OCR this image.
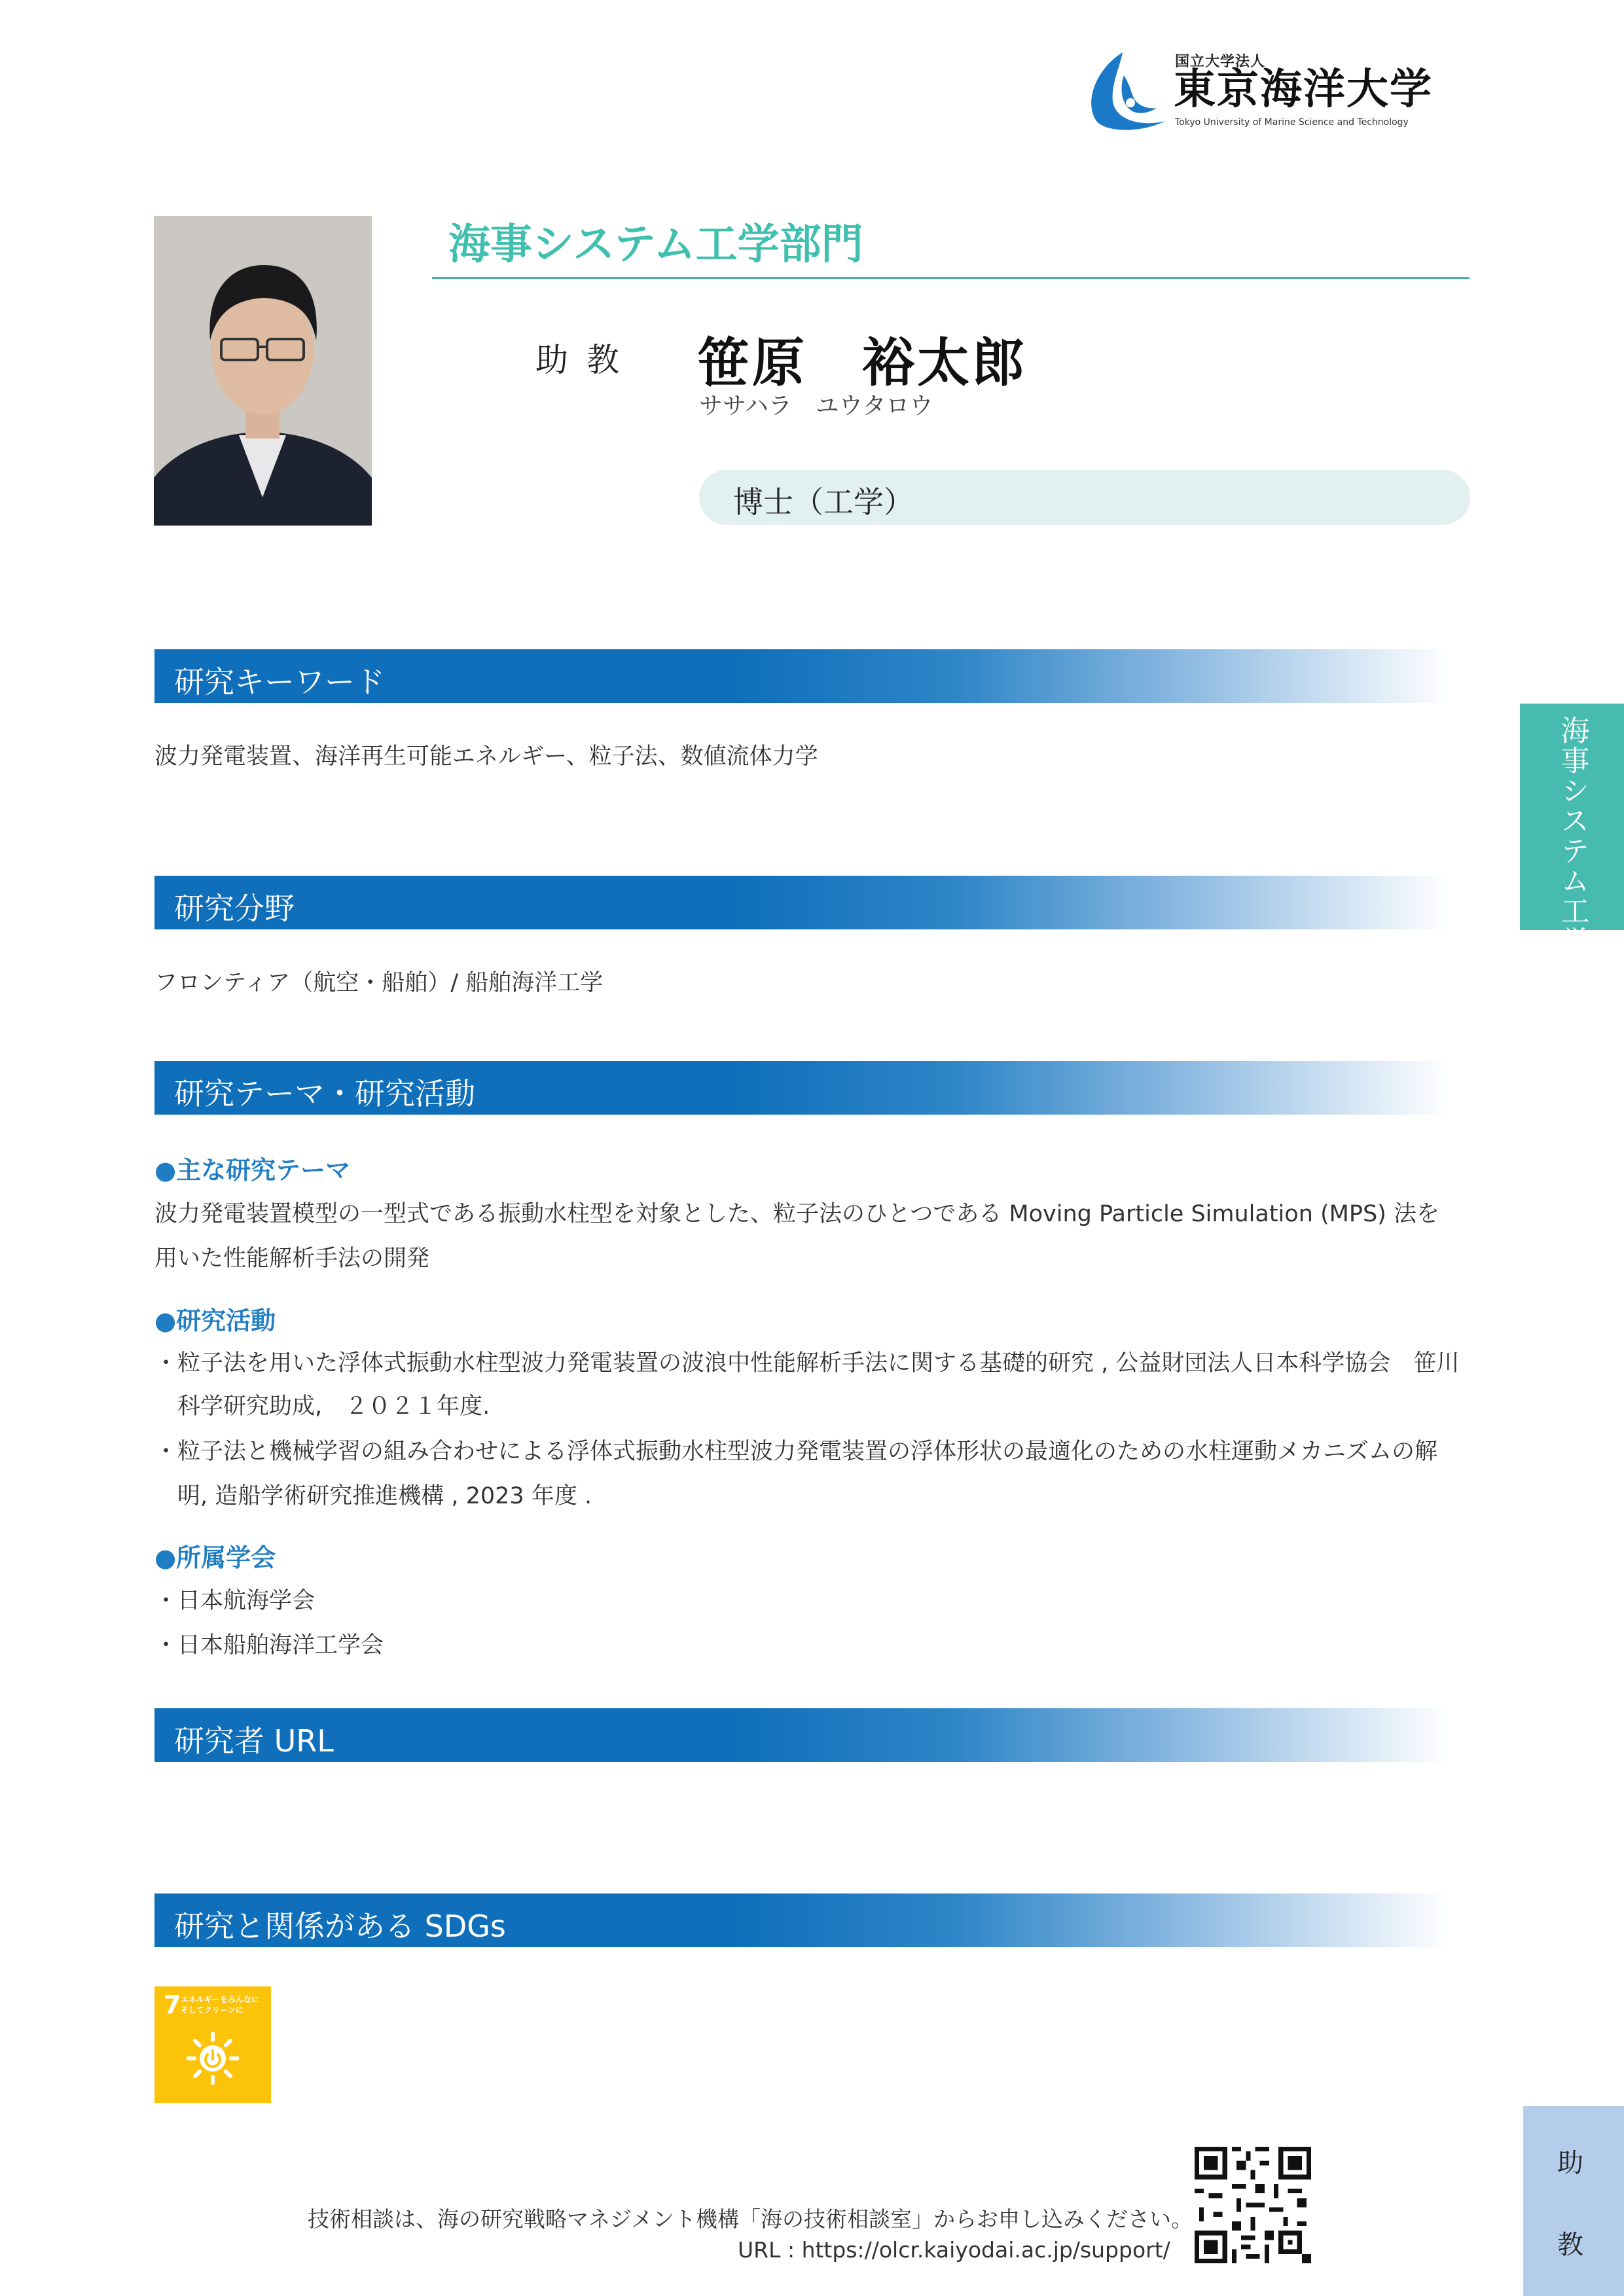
国立大学法人
東京海洋大学
Tokyo University of Marine Science and Technology
海事システム工学部門
助教 笹原　裕太郎
ササハラ　ユウタロウ
博士（工学）
研究キーワード
波力発電装置、海洋再生可能エネルギー、粒子法、数値流体力学
研究分野
フロンティア（航空・船舶）/ 船舶海洋工学
研究テーマ・研究活動
●主な研究テーマ
波力発電装置模型の一型式である振動水柱型を対象とした、粒子法のひとつである Moving Particle Simulation (MPS) 法を
用いた性能解析手法の開発
●研究活動
・粒子法を用いた浮体式振動水柱型波力発電装置の波浪中性能解析手法に関する基礎的研究 , 公益財団法人日本科学協会　笹川
　科学研究助成,　２０２１年度.
・粒子法と機械学習の組み合わせによる浮体式振動水柱型波力発電装置の浮体形状の最適化のための水柱運動メカニズムの解
　明, 造船学術研究推進機構 , 2023 年度 .
●所属学会
・日本航海学会
・日本船舶海洋工学会
研究者 URL
研究と関係がある SDGs
7 エネルギーをみんなに そしてクリーンに
海事システム工学
助
教
技術相談は、海の研究戦略マネジメント機構「海の技術相談室」からお申し込みください。
URL : https://olcr.kaiyodai.ac.jp/support/
